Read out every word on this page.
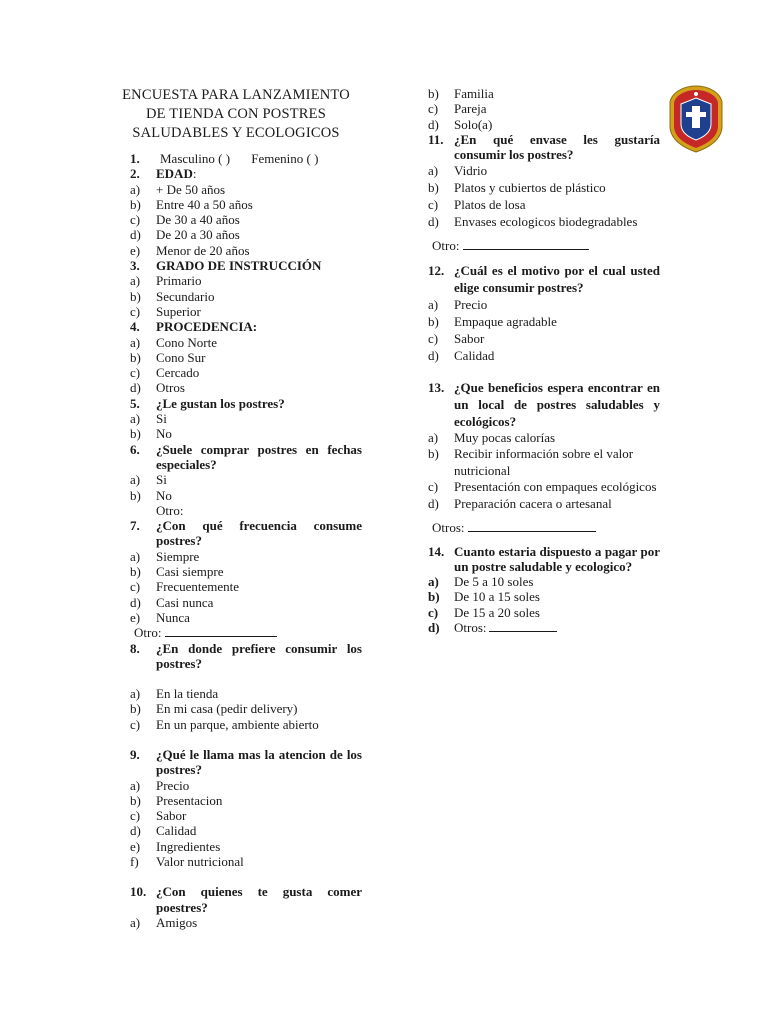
ENCUESTA PARA LANZAMIENTO
DE TIENDA CON POSTRES
SALUDABLES Y ECOLOGICOS
1.	Masculino ( ) Femenino ( )
2.	EDAD:
a)	+ De 50 años
b)	Entre 40 a 50 años
c)	De 30 a 40 años
d)	De 20 a 30 años
e)	Menor de 20 años
3.	GRADO DE INSTRUCCIÓN
a)	Primario
b)	Secundario
c)	Superior
4.	PROCEDENCIA:
a)	Cono Norte
b)	Cono Sur
c)	Cercado
d)	Otros
5.	¿Le gustan los postres?
a)	Si
b)	No
6.	¿Suele comprar postres en fechas especiales?
a)	Si
b)	No
Otro:
7.	¿Con qué frecuencia consume postres?
a)	Siempre
b)	Casi siempre
c)	Frecuentemente
d)	Casi nunca
e)	Nunca
Otro:
8.	¿En donde prefiere consumir los postres?
a)	En la tienda
b)	En mi casa (pedir delivery)
c)	En un parque, ambiente abierto
9.	¿Qué le llama mas la atencion de los postres?
a)	Precio
b)	Presentacion
c)	Sabor
d)	Calidad
e)	Ingredientes
f)	Valor nutricional
10. ¿Con quienes te gusta comer poestres?
a)	Amigos
b)	Familia
c)	Pareja
d)	Solo(a)
11. ¿En qué envase les gustaría consumir los postres?
a)	Vidrio
b)	Platos y cubiertos de plástico
c)	Platos de losa
d)	Envases ecologicos biodegradables
Otro:
12. ¿Cuál es el motivo por el cual usted elige consumir postres?
a)	Precio
b)	Empaque agradable
c)	Sabor
d)	Calidad
13. ¿Que beneficios espera encontrar en un local de postres saludables y ecológicos?
a)	Muy pocas calorías
b)	Recibir información sobre el valor nutricional
c)	Presentación con empaques ecológicos
d)	Preparación cacera o artesanal
Otros:
14. Cuanto estaria dispuesto a pagar por un postre saludable y ecologico?
a)	De 5 a 10 soles
b)	De 10 a 15 soles
c)	De 15 a 20 soles
d)	Otros:
